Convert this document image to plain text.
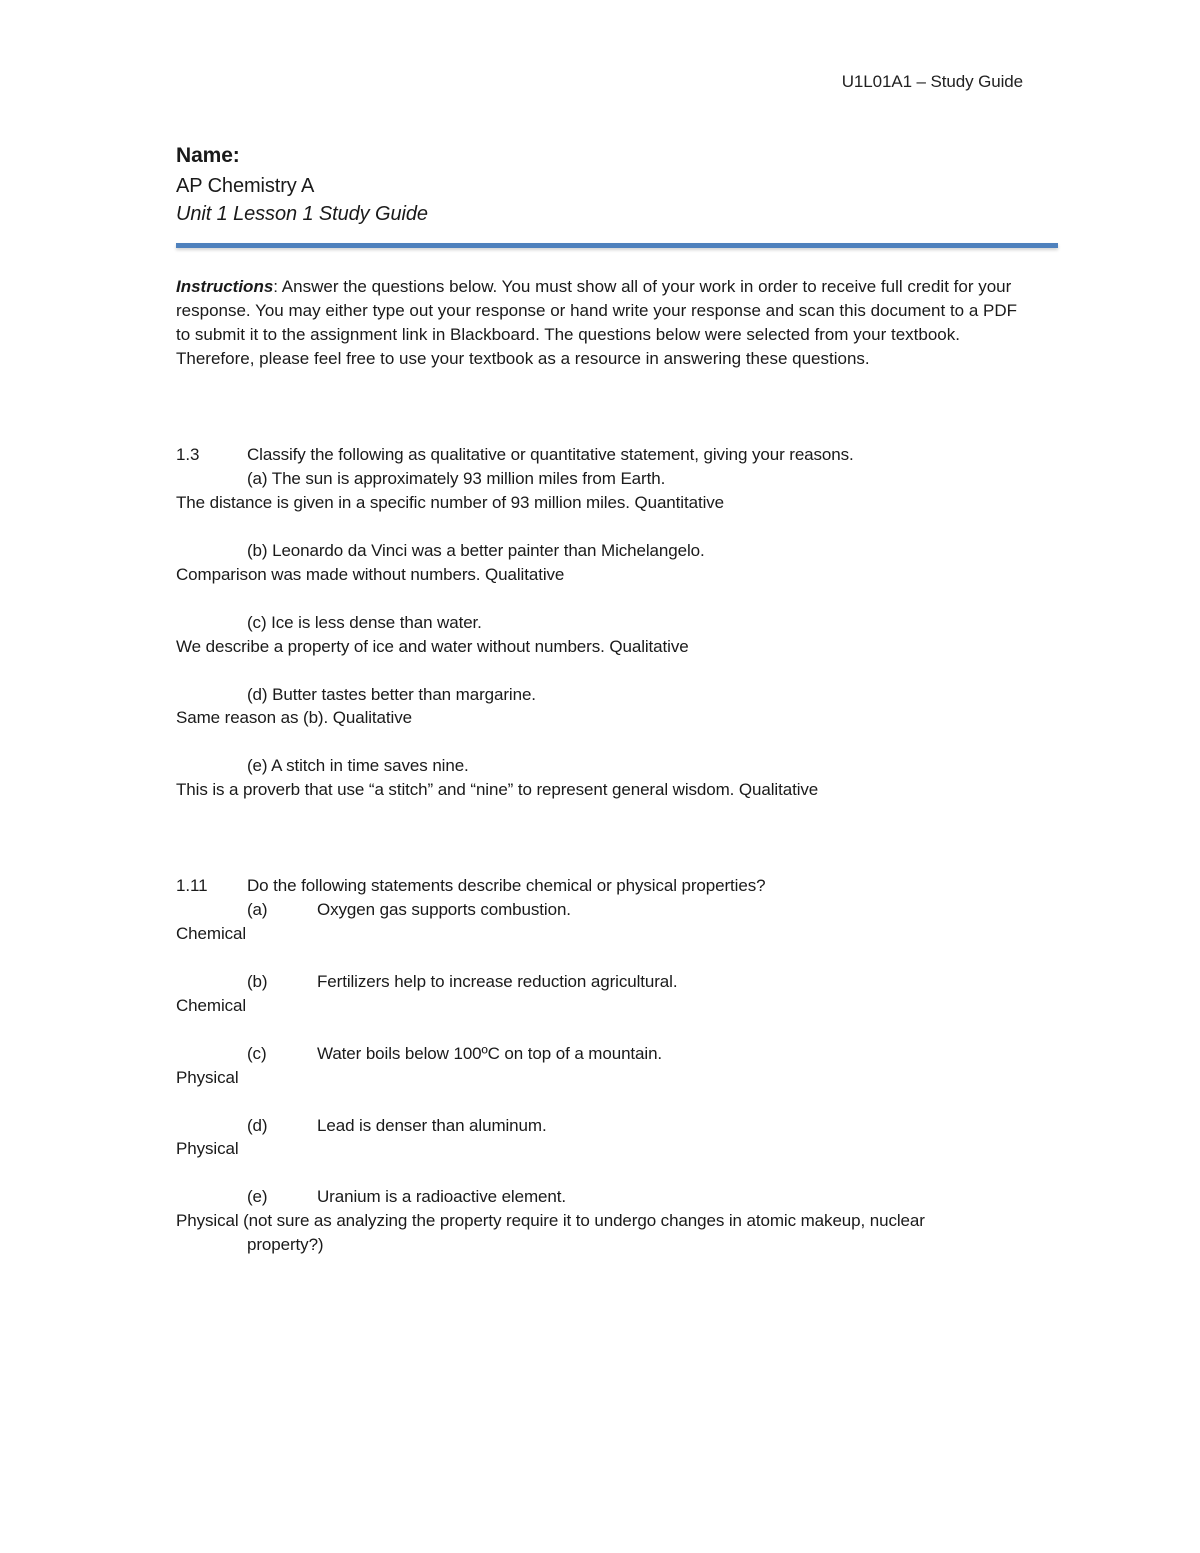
U1L01A1 – Study Guide
Name:
AP Chemistry A
Unit 1 Lesson 1 Study Guide
Instructions: Answer the questions below. You must show all of your work in order to receive full credit for your response. You may either type out your response or hand write your response and scan this document to a PDF to submit it to the assignment link in Blackboard. The questions below were selected from your textbook. Therefore, please feel free to use your textbook as a resource in answering these questions.
1.3	Classify the following as qualitative or quantitative statement, giving your reasons.
(a) The sun is approximately 93 million miles from Earth.
The distance is given in a specific number of 93 million miles. Quantitative
(b) Leonardo da Vinci was a better painter than Michelangelo.
Comparison was made without numbers. Qualitative
(c) Ice is less dense than water.
We describe a property of ice and water without numbers. Qualitative
(d) Butter tastes better than margarine.
Same reason as (b). Qualitative
(e) A stitch in time saves nine.
This is a proverb that use “a stitch” and “nine” to represent general wisdom. Qualitative
1.11 Do the following statements describe chemical or physical properties?
(a)	Oxygen gas supports combustion.
Chemical
(b)	Fertilizers help to increase reduction agricultural.
Chemical
(c)	Water boils below 100ºC on top of a mountain.
Physical
(d)	Lead is denser than aluminum.
Physical
(e)	Uranium is a radioactive element.
Physical (not sure as analyzing the property require it to undergo changes in atomic makeup, nuclear
property?)
